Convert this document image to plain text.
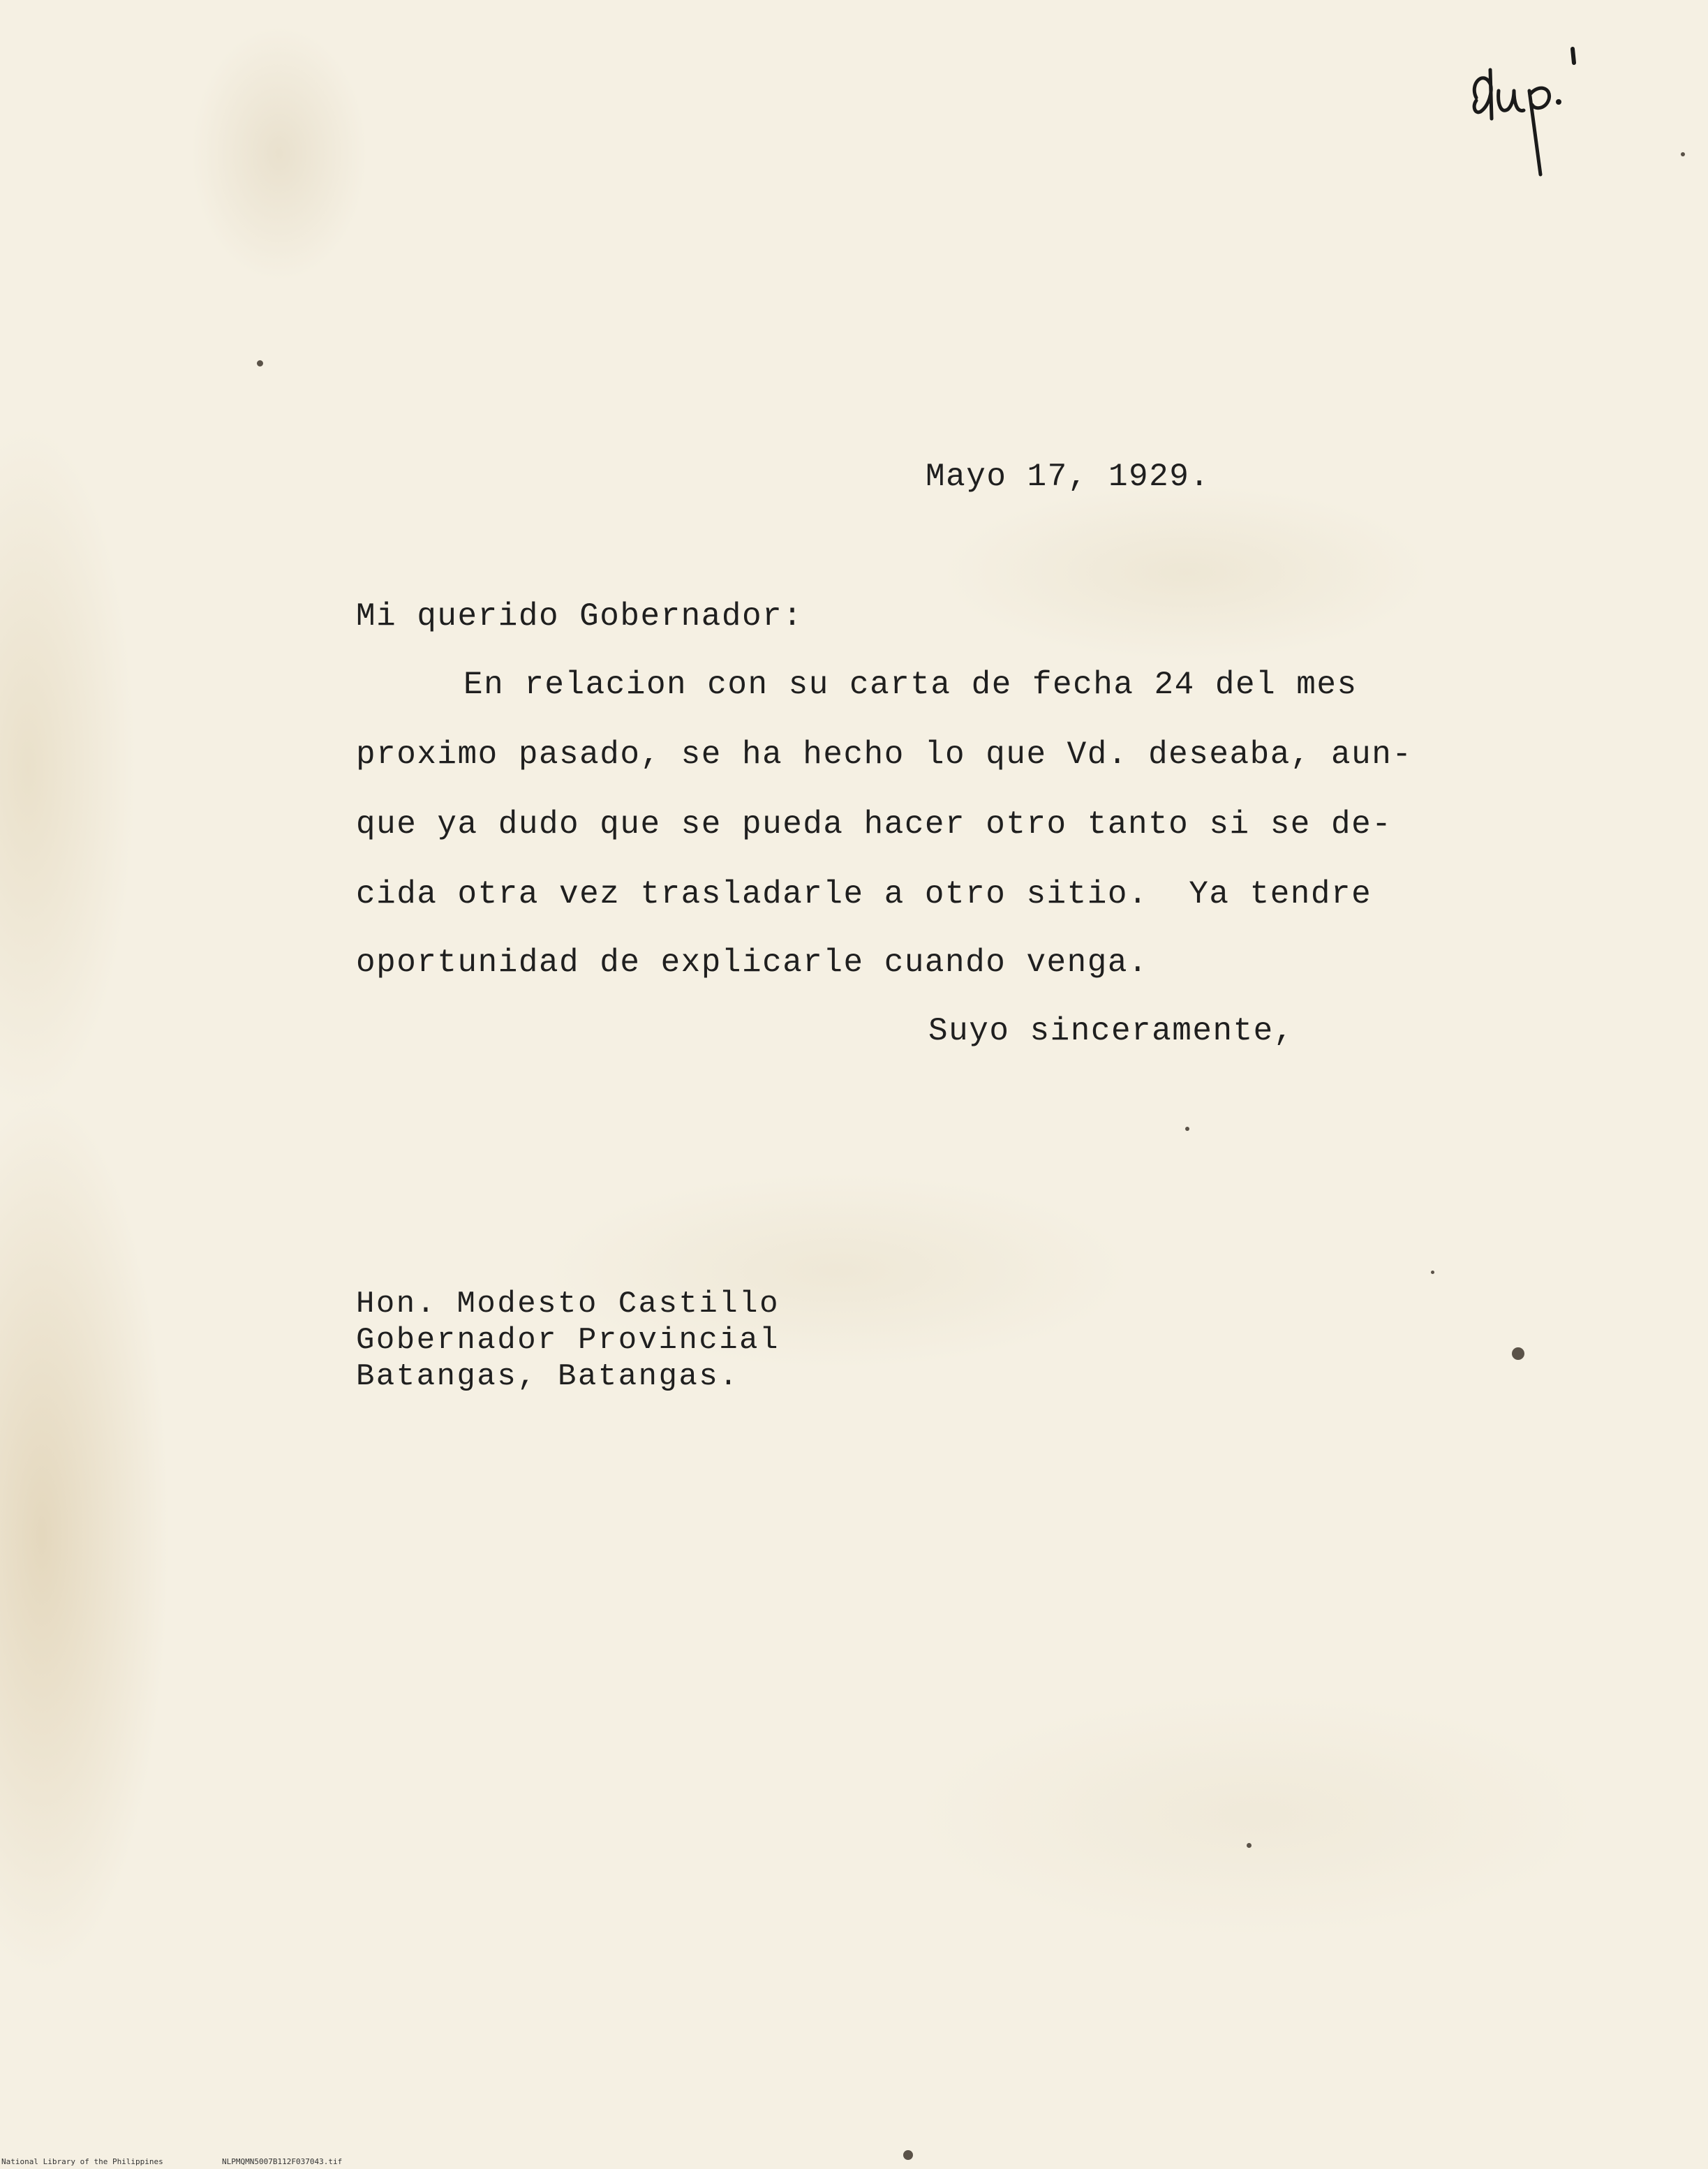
Mayo 17, 1929.
Mi querido Gobernador:
En relacion con su carta de fecha 24 del mes
proximo pasado, se ha hecho lo que Vd. deseaba, aun-
que ya dudo que se pueda hacer otro tanto si se de-
cida otra vez trasladarle a otro sitio.  Ya tendre
oportunidad de explicarle cuando venga.
Suyo sinceramente,
Hon. Modesto Castillo
Gobernador Provincial
Batangas, Batangas.
National Library of the Philippines	NLPMQMN5007B112F037043.tif
